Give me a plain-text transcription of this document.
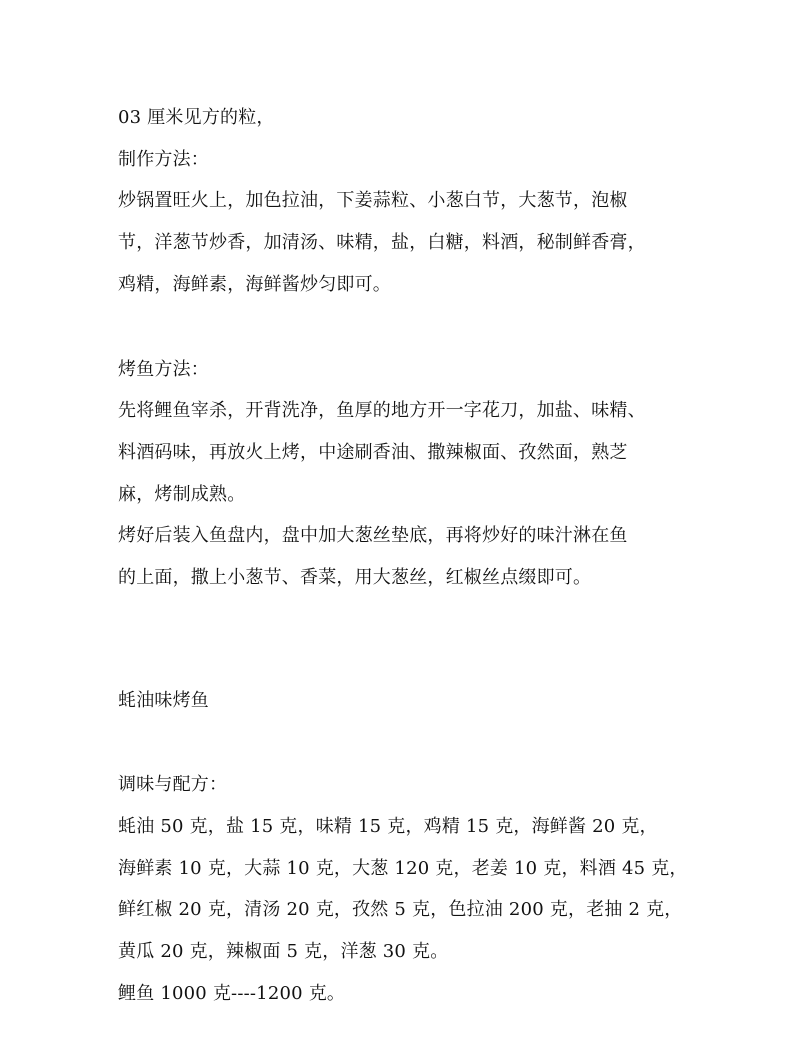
03 厘米见方的粒，
制作方法：
炒锅置旺火上，加色拉油，下姜蒜粒、小葱白节，大葱节，泡椒
节，洋葱节炒香，加清汤、味精，盐，白糖，料酒，秘制鲜香膏，
鸡精，海鲜素，海鲜酱炒匀即可。
烤鱼方法：
先将鲤鱼宰杀，开背洗净，鱼厚的地方开一字花刀，加盐、味精、
料酒码味，再放火上烤，中途刷香油、撒辣椒面、孜然面，熟芝
麻，烤制成熟。
烤好后装入鱼盘内，盘中加大葱丝垫底，再将炒好的味汁淋在鱼
的上面，撒上小葱节、香菜，用大葱丝，红椒丝点缀即可。
蚝油味烤鱼
调味与配方：
蚝油 50 克，盐 15 克，味精 15 克，鸡精 15 克，海鲜酱 20 克，
海鲜素 10 克，大蒜 10 克，大葱 120 克，老姜 10 克，料酒 45 克，
鲜红椒 20 克，清汤 20 克，孜然 5 克，色拉油 200 克，老抽 2 克，
黄瓜 20 克，辣椒面 5 克，洋葱 30 克。
鲤鱼 1000 克----1200 克。
